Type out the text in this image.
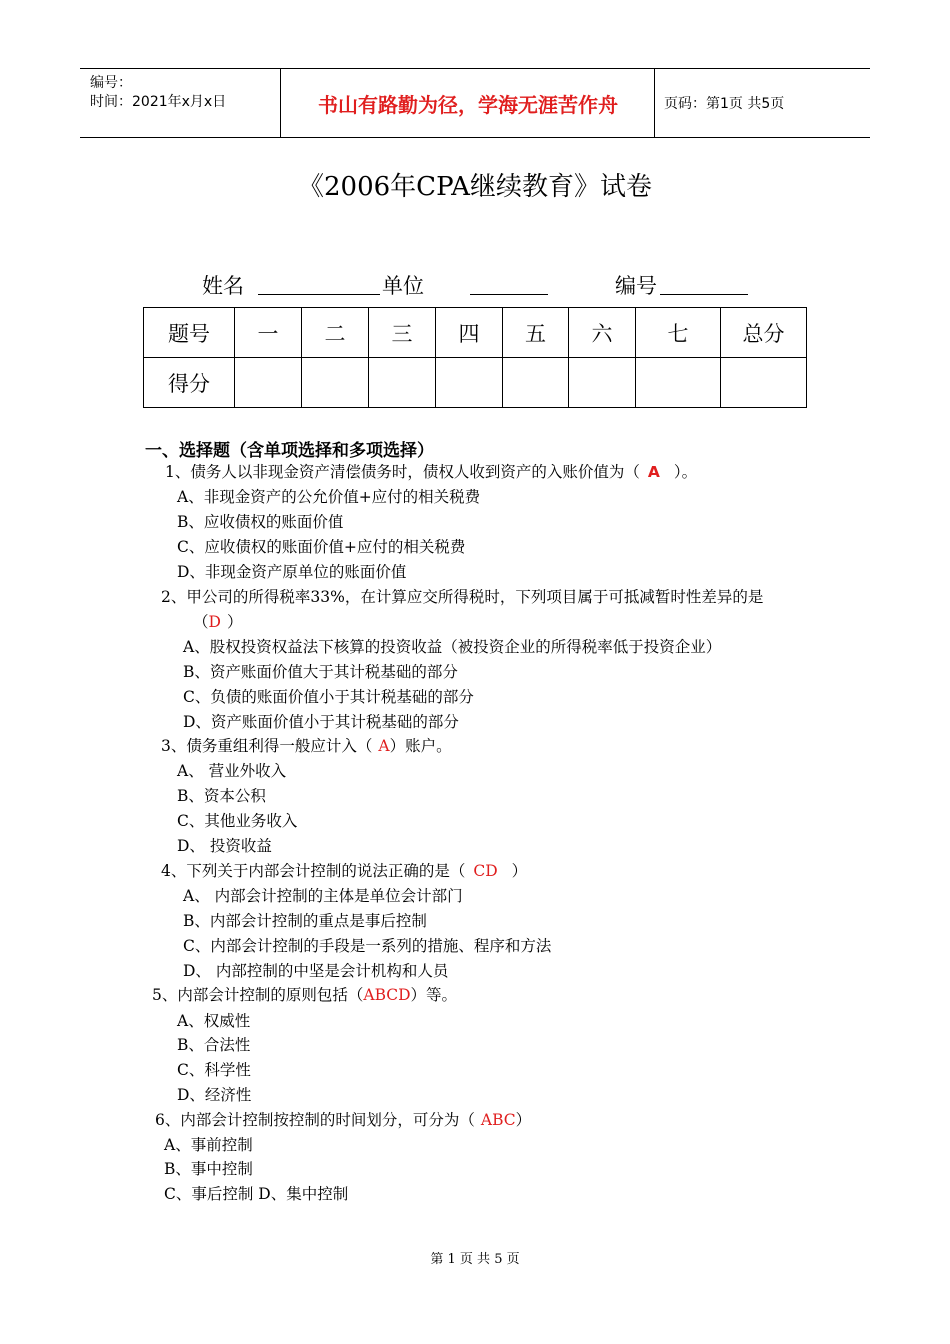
编号：
时间：2021年x月x日	书山有路勤为径，学海无涯苦作舟	页码：第1页 共5页
《2006年CPA继续教育》试卷
姓名	单位	编号
题号	一	二	三	四	五	六	七	总分
得分								
一、选择题（含单项选择和多项选择）
1、债务人以非现金资产清偿债务时，债权人收到资产的入账价值为（ A ）。
A、非现金资产的公允价值+应付的相关税费
B、应收债权的账面价值
C、应收债权的账面价值+应付的相关税费
D、非现金资产原单位的账面价值
2、甲公司的所得税率33%，在计算应交所得税时，下列项目属于可抵减暂时性差异的是
（D ）
A、股权投资权益法下核算的投资收益（被投资企业的所得税率低于投资企业）
B、资产账面价值大于其计税基础的部分
C、负债的账面价值小于其计税基础的部分
D、资产账面价值小于其计税基础的部分
3、债务重组利得一般应计入（ A）账户。
A、 营业外收入
B、资本公积
C、其他业务收入
D、 投资收益
4、下列关于内部会计控制的说法正确的是（ CD ）
A、 内部会计控制的主体是单位会计部门
B、内部会计控制的重点是事后控制
C、内部会计控制的手段是一系列的措施、程序和方法
D、 内部控制的中坚是会计机构和人员
5、内部会计控制的原则包括（ABCD）等。
A、权威性
B、合法性
C、科学性
D、经济性
6、内部会计控制按控制的时间划分，可分为（ ABC）
A、事前控制
B、事中控制
C、事后控制 D、集中控制
第 1 页 共 5 页
